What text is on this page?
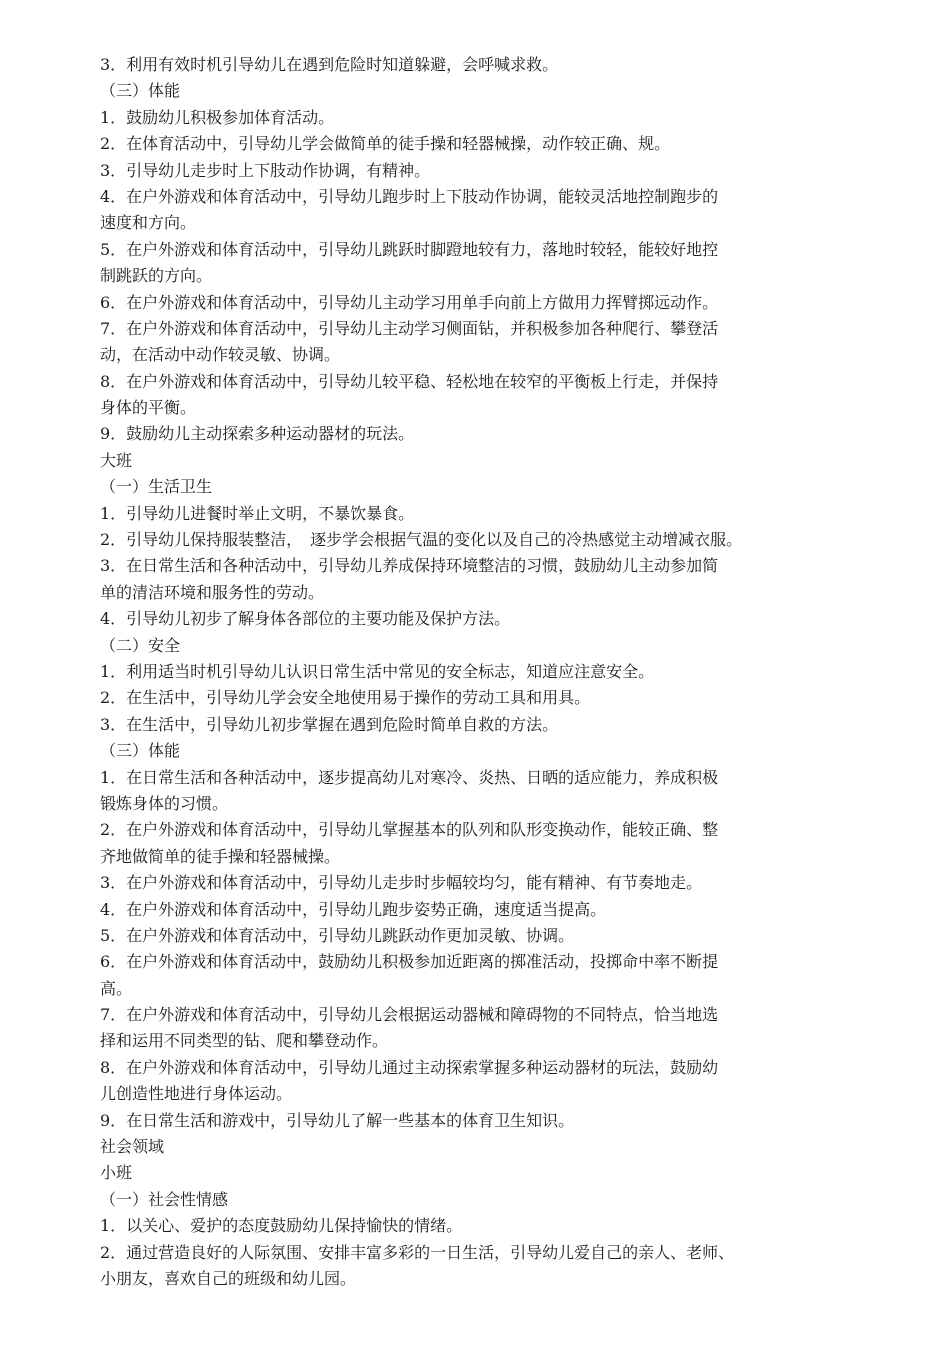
3．利用有效时机引导幼儿在遇到危险时知道躲避，会呼喊求救。
（三）体能
1．鼓励幼儿积极参加体育活动。
2．在体育活动中，引导幼儿学会做简单的徒手操和轻器械操，动作较正确、规。
3．引导幼儿走步时上下肢动作协调，有精神。
4．在户外游戏和体育活动中，引导幼儿跑步时上下肢动作协调，能较灵活地控制跑步的
速度和方向。
5．在户外游戏和体育活动中，引导幼儿跳跃时脚蹬地较有力，落地时较轻，能较好地控
制跳跃的方向。
6．在户外游戏和体育活动中，引导幼儿主动学习用单手向前上方做用力挥臂掷远动作。
7．在户外游戏和体育活动中，引导幼儿主动学习侧面钻，并积极参加各种爬行、攀登活
动，在活动中动作较灵敏、协调。
8．在户外游戏和体育活动中，引导幼儿较平稳、轻松地在较窄的平衡板上行走，并保持
身体的平衡。
9．鼓励幼儿主动探索多种运动器材的玩法。
大班
（一）生活卫生
1．引导幼儿进餐时举止文明，不暴饮暴食。
2．引导幼儿保持服装整洁，　逐步学会根据气温的变化以及自己的冷热感觉主动增减衣服。
3．在日常生活和各种活动中，引导幼儿养成保持环境整洁的习惯，鼓励幼儿主动参加简
单的清洁环境和服务性的劳动。
4．引导幼儿初步了解身体各部位的主要功能及保护方法。
（二）安全
1．利用适当时机引导幼儿认识日常生活中常见的安全标志，知道应注意安全。
2．在生活中，引导幼儿学会安全地使用易于操作的劳动工具和用具。
3．在生活中，引导幼儿初步掌握在遇到危险时简单自救的方法。
（三）体能
1．在日常生活和各种活动中，逐步提高幼儿对寒冷、炎热、日晒的适应能力，养成积极
锻炼身体的习惯。
2．在户外游戏和体育活动中，引导幼儿掌握基本的队列和队形变换动作，能较正确、整
齐地做简单的徒手操和轻器械操。
3．在户外游戏和体育活动中，引导幼儿走步时步幅较均匀，能有精神、有节奏地走。
4．在户外游戏和体育活动中，引导幼儿跑步姿势正确，速度适当提高。
5．在户外游戏和体育活动中，引导幼儿跳跃动作更加灵敏、协调。
6．在户外游戏和体育活动中，鼓励幼儿积极参加近距离的掷准活动，投掷命中率不断提
高。
7．在户外游戏和体育活动中，引导幼儿会根据运动器械和障碍物的不同特点，恰当地选
择和运用不同类型的钻、爬和攀登动作。
8．在户外游戏和体育活动中，引导幼儿通过主动探索掌握多种运动器材的玩法，鼓励幼
儿创造性地进行身体运动。
9．在日常生活和游戏中，引导幼儿了解一些基本的体育卫生知识。
社会领域
小班
（一）社会性情感
1．以关心、爱护的态度鼓励幼儿保持愉快的情绪。
2．通过营造良好的人际氛围、安排丰富多彩的一日生活，引导幼儿爱自己的亲人、老师、
小朋友，喜欢自己的班级和幼儿园。
